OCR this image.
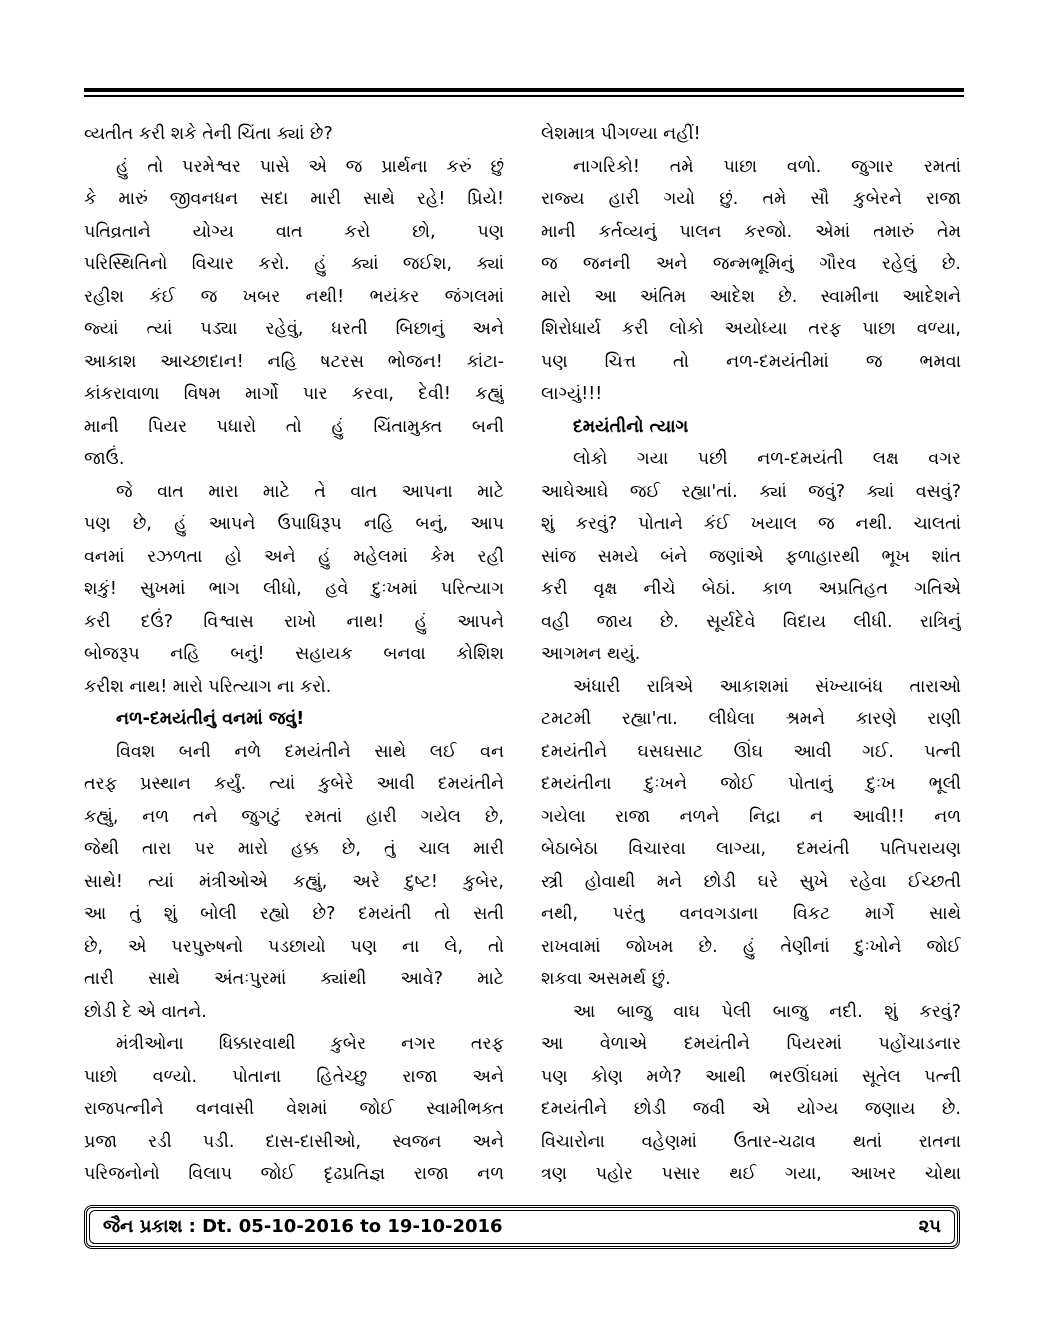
વ્યતીત કરી શકે તેની ચિંતા ક્યાં છે?
હું તો પરમેશ્વર પાસે એ જ પ્રાર્થના કરું છું
કે મારું જીવનધન સદા મારી સાથે રહે! પ્રિયે!
પતિવ્રતાને યોગ્ય વાત કરો છો, પણ
પરિસ્થિતિનો વિચાર કરો. હું ક્યાં જઈશ, ક્યાં
રહીશ કંઈ જ ખબર નથી! ભયંકર જંગલમાં
જ્યાં ત્યાં પડ્યા રહેવું, ધરતી બિછાનું અને
આકાશ આચ્છાદાન! નહિ ષટરસ ભોજન! કાંટા-
કાંકરાવાળા વિષમ માર્ગો પાર કરવા, દેવી! કહ્યું
માની પિયર પધારો તો હું ચિંતામુક્ત બની
જાઉં.
જે વાત મારા માટે તે વાત આપના માટે
પણ છે, હું આપને ઉપાધિરૂપ નહિ બનું, આપ
વનમાં રઝળતા હો અને હું મહેલમાં કેમ રહી
શકું! સુખમાં ભાગ લીધો, હવે દુઃખમાં પરિત્યાગ
કરી દઉં? વિશ્વાસ રાખો નાથ! હું આપને
બોજરૂપ નહિ બનું! સહાયક બનવા કોશિશ
કરીશ નાથ! મારો પરિત્યાગ ના કરો.
નળ-દમયંતીનું વનમાં જવું!
વિવશ બની નળે દમયંતીને સાથે લઈ વન
તરફ પ્રસ્થાન કર્યું. ત્યાં કુબેરે આવી દમયંતીને
કહ્યું, નળ તને જુગટું રમતાં હારી ગયેલ છે,
જેથી તારા પર મારો હક્ક છે, તું ચાલ મારી
સાથે! ત્યાં મંત્રીઓએ કહ્યું, અરે દુષ્ટ! કુબેર,
આ તું શું બોલી રહ્યો છે? દમયંતી તો સતી
છે, એ પરપુરુષનો પડછાયો પણ ના લે, તો
તારી સાથે અંતઃપુરમાં ક્યાંથી આવે? માટે
છોડી દે એ વાતને.
મંત્રીઓના ધિક્કારવાથી કુબેર નગર તરફ
પાછો વળ્યો. પોતાના હિતેચ્છુ રાજા અને
રાજપત્નીને વનવાસી વેશમાં જોઈ સ્વામીભક્ત
પ્રજા રડી પડી. દાસ-દાસીઓ, સ્વજન અને
પરિજનોનો વિલાપ જોઈ દૃઢપ્રતિજ્ઞ રાજા નળ
લેશમાત્ર પીગળ્યા નહીં!
નાગરિકો! તમે પાછા વળો. જુગાર રમતાં
રાજ્ય હારી ગયો છું. તમે સૌ કુબેરને રાજા
માની કર્તવ્યનું પાલન કરજો. એમાં તમારું તેમ
જ જનની અને જન્મભૂમિનું ગૌરવ રહેલું છે.
મારો આ અંતિમ આદેશ છે. સ્વામીના આદેશને
શિરોધાર્ય કરી લોકો અયોધ્યા તરફ પાછા વળ્યા,
પણ ચિત્ત તો નળ-દમયંતીમાં જ ભમવા
લાગ્યું!!!
દમયંતીનો ત્યાગ
લોકો ગયા પછી નળ-દમયંતી લક્ષ વગર
આઘેઆઘે જઈ રહ્યા'તાં. ક્યાં જવું? ક્યાં વસવું?
શું કરવું? પોતાને કંઈ ખયાલ જ નથી. ચાલતાં
સાંજ સમયે બંને જણાંએ ફળાહારથી ભૂખ શાંત
કરી વૃક્ષ નીચે બેઠાં. કાળ અપ્રતિહત ગતિએ
વહી જાય છે. સૂર્યદેવે વિદાય લીધી. રાત્રિનું
આગમન થયું.
અંધારી રાત્રિએ આકાશમાં સંખ્યાબંધ તારાઓ
ટમટમી રહ્યા'તા. લીધેલા શ્રમને કારણે રાણી
દમયંતીને ઘસઘસાટ ઊંઘ આવી ગઈ. પત્ની
દમયંતીના દુઃખને જોઈ પોતાનું દુઃખ ભૂલી
ગયેલા રાજા નળને નિદ્રા ન આવી!! નળ
બેઠાબેઠા વિચારવા લાગ્યા, દમયંતી પતિપરાયણ
સ્ત્રી હોવાથી મને છોડી ઘરે સુખે રહેવા ઈચ્છતી
નથી, પરંતુ વનવગડાના વિકટ માર્ગે સાથે
રાખવામાં જોખમ છે. હું તેણીનાં દુઃખોને જોઈ
શકવા અસમર્થ છું.
આ બાજુ વાઘ પેલી બાજુ નદી. શું કરવું?
આ વેળાએ દમયંતીને પિયરમાં પહોંચાડનાર
પણ કોણ મળે? આથી ભરઊંઘમાં સૂતેલ પત્ની
દમયંતીને છોડી જવી એ યોગ્ય જણાય છે.
વિચારોના વહેણમાં ઉતાર-ચઢાવ થતાં રાતના
ત્રણ પહોર પસાર થઈ ગયા, આખર ચોથા
જૈન પ્રકાશ : Dt. 05-10-2016 to 19-10-2016	૨૫
